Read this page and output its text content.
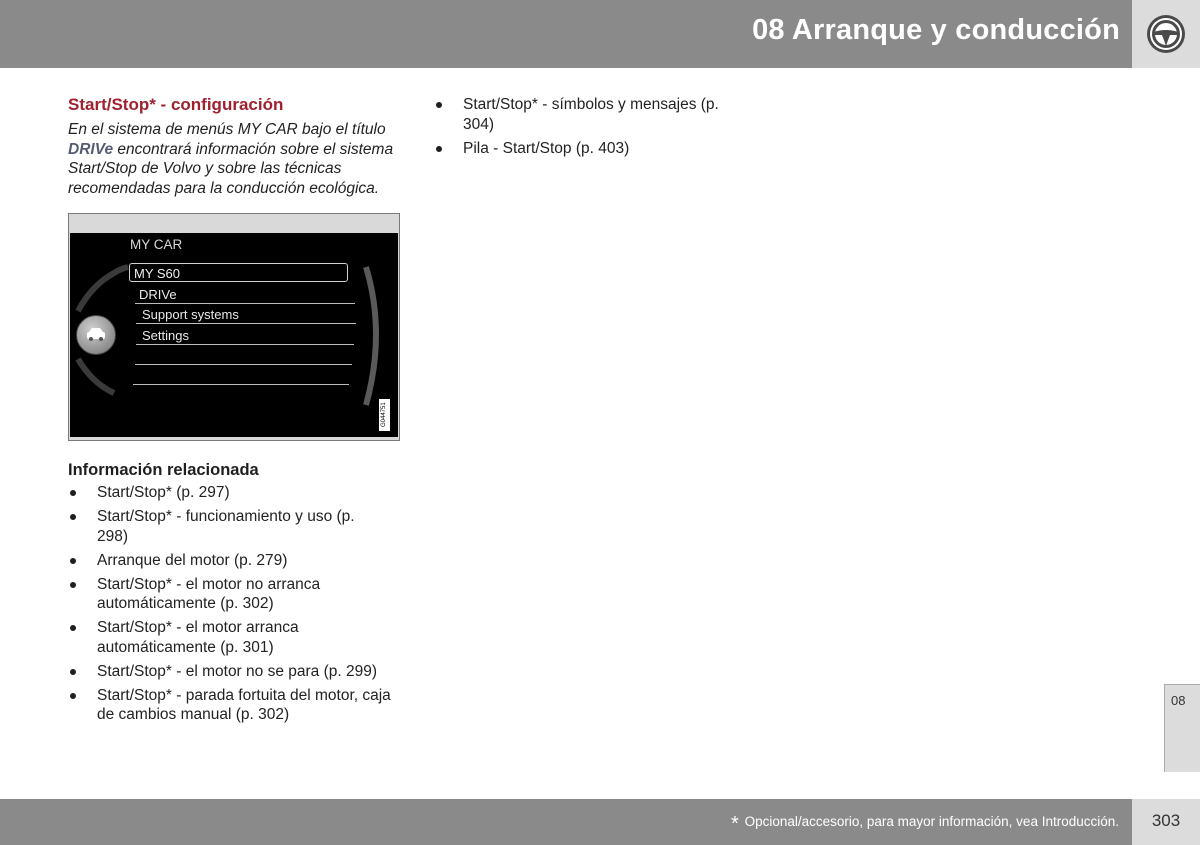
08 Arranque y conducción
Start/Stop* - configuración

En el sistema de menús MY CAR bajo el título DRIVe encontrará información sobre el sistema Start/Stop de Volvo y sobre las técnicas recomendadas para la conducción ecológica.

MY CAR
MY S60
DRIVe
Support systems
Settings
G044751
Información relacionada
Start/Stop* (p. 297)
Start/Stop* - funcionamiento y uso (p. 298)
Arranque del motor (p. 279)
Start/Stop* - el motor no arranca automáticamente (p. 302)
Start/Stop* - el motor arranca automáticamente (p. 301)
Start/Stop* - el motor no se para (p. 299)
Start/Stop* - parada fortuita del motor, caja de cambios manual (p. 302)
Start/Stop* - símbolos y mensajes (p. 304)
Pila - Start/Stop (p. 403)
08
* Opcional/accesorio, para mayor información, vea Introducción.	303
